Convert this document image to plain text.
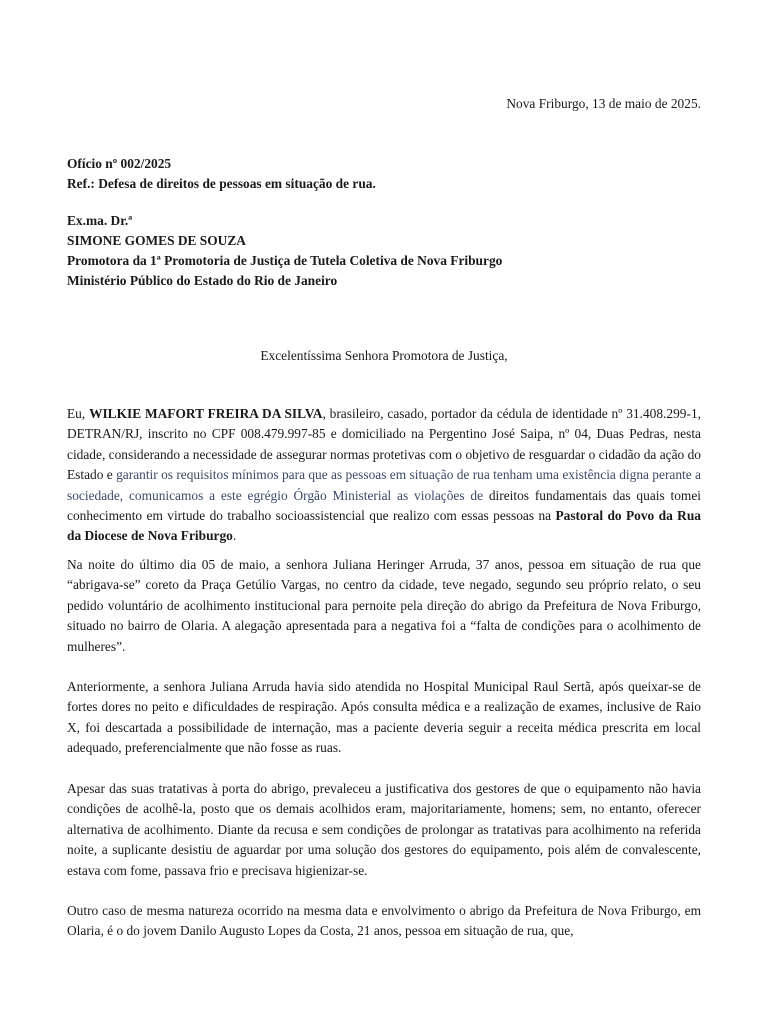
Nova Friburgo, 13 de maio de 2025.
Ofício nº 002/2025
Ref.: Defesa de direitos de pessoas em situação de rua.
Ex.ma. Dr.ª
SIMONE GOMES DE SOUZA
Promotora da 1ª Promotoria de Justiça de Tutela Coletiva de Nova Friburgo
Ministério Público do Estado do Rio de Janeiro
Excelentíssima Senhora Promotora de Justiça,

Eu, WILKIE MAFORT FREIRA DA SILVA, brasileiro, casado, portador da cédula de identidade nº 31.408.299-1, DETRAN/RJ, inscrito no CPF 008.479.997-85 e domiciliado na Pergentino José Saipa, nº 04, Duas Pedras, nesta cidade, considerando a necessidade de assegurar normas protetivas com o objetivo de resguardar o cidadão da ação do Estado e garantir os requisitos mínimos para que as pessoas em situação de rua tenham uma existência digna perante a sociedade, comunicamos a este egrégio Órgão Ministerial as violações de direitos fundamentais das quais tomei conhecimento em virtude do trabalho socioassistencial que realizo com essas pessoas na Pastoral do Povo da Rua da Diocese de Nova Friburgo.

Na noite do último dia 05 de maio, a senhora Juliana Heringer Arruda, 37 anos, pessoa em situação de rua que “abrigava-se” coreto da Praça Getúlio Vargas, no centro da cidade, teve negado, segundo seu próprio relato, o seu pedido voluntário de acolhimento institucional para pernoite pela direção do abrigo da Prefeitura de Nova Friburgo, situado no bairro de Olaria. A alegação apresentada para a negativa foi a “falta de condições para o acolhimento de mulheres”.

Anteriormente, a senhora Juliana Arruda havia sido atendida no Hospital Municipal Raul Sertã, após queixar-se de fortes dores no peito e dificuldades de respiração. Após consulta médica e a realização de exames, inclusive de Raio X, foi descartada a possibilidade de internação, mas a paciente deveria seguir a receita médica prescrita em local adequado, preferencialmente que não fosse as ruas.

Apesar das suas tratativas à porta do abrigo, prevaleceu a justificativa dos gestores de que o equipamento não havia condições de acolhê-la, posto que os demais acolhidos eram, majoritariamente, homens; sem, no entanto, oferecer alternativa de acolhimento. Diante da recusa e sem condições de prolongar as tratativas para acolhimento na referida noite, a suplicante desistiu de aguardar por uma solução dos gestores do equipamento, pois além de convalescente, estava com fome, passava frio e precisava higienizar-se.

Outro caso de mesma natureza ocorrido na mesma data e envolvimento o abrigo da Prefeitura de Nova Friburgo, em Olaria, é o do jovem Danilo Augusto Lopes da Costa, 21 anos, pessoa em situação de rua, que,
